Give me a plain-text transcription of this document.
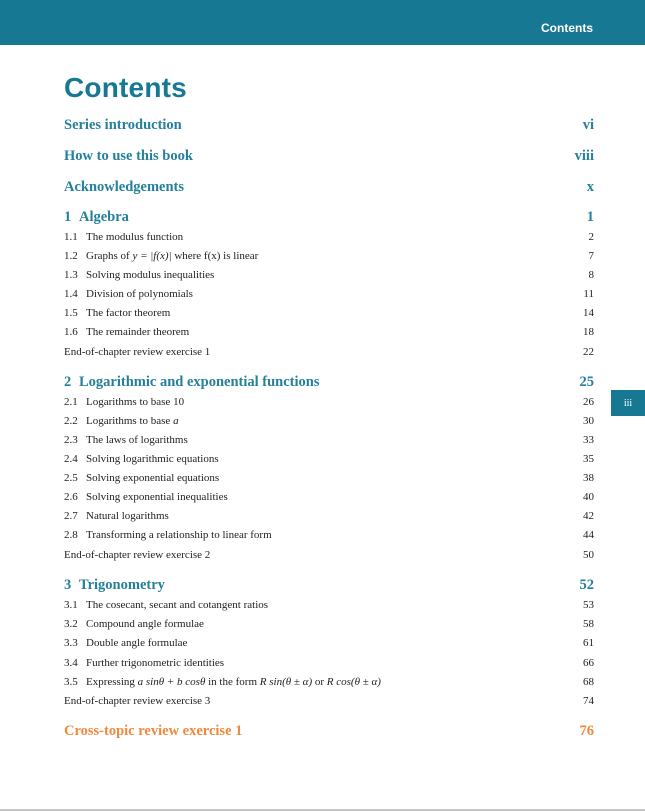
Contents
Contents
Series introduction	vi
How to use this book	viii
Acknowledgements	x
1 Algebra	1
1.1 The modulus function	2
1.2 Graphs of y = |f(x)| where f(x) is linear	7
1.3 Solving modulus inequalities	8
1.4 Division of polynomials	11
1.5 The factor theorem	14
1.6 The remainder theorem	18
End-of-chapter review exercise 1	22
2 Logarithmic and exponential functions	25
2.1 Logarithms to base 10	26
2.2 Logarithms to base a	30
2.3 The laws of logarithms	33
2.4 Solving logarithmic equations	35
2.5 Solving exponential equations	38
2.6 Solving exponential inequalities	40
2.7 Natural logarithms	42
2.8 Transforming a relationship to linear form	44
End-of-chapter review exercise 2	50
3 Trigonometry	52
3.1 The cosecant, secant and cotangent ratios	53
3.2 Compound angle formulae	58
3.3 Double angle formulae	61
3.4 Further trigonometric identities	66
3.5 Expressing a sinθ + b cosθ in the form R sin(θ ± α) or R cos(θ ± α)	68
End-of-chapter review exercise 3	74
Cross-topic review exercise 1	76
iii
